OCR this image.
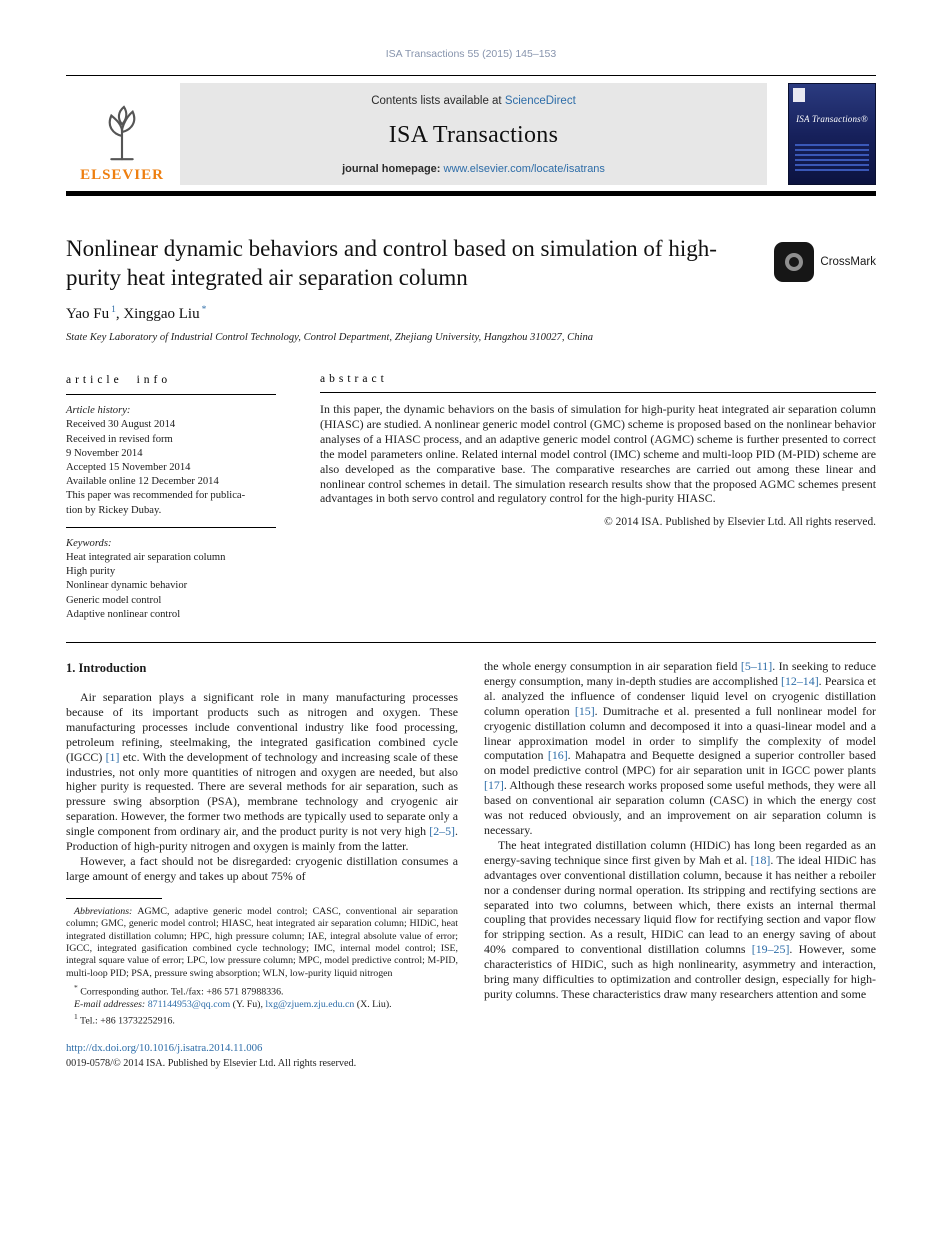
ISA Transactions 55 (2015) 145–153
ELSEVIER
Contents lists available at ScienceDirect
ISA Transactions
journal homepage: www.elsevier.com/locate/isatrans
ISA Transactions®
Nonlinear dynamic behaviors and control based on simulation of high-purity heat integrated air separation column
CrossMark
Yao Fu $^1$, Xinggao Liu *
State Key Laboratory of Industrial Control Technology, Control Department, Zhejiang University, Hangzhou 310027, China
article info
Article history:
Received 30 August 2014
Received in revised form
9 November 2014
Accepted 15 November 2014
Available online 12 December 2014
This paper was recommended for publica-
tion by Rickey Dubay.
Keywords:
Heat integrated air separation column
High purity
Nonlinear dynamic behavior
Generic model control
Adaptive nonlinear control
abstract

In this paper, the dynamic behaviors on the basis of simulation for high-purity heat integrated air separation column (HIASC) are studied. A nonlinear generic model control (GMC) scheme is proposed based on the nonlinear behavior analyses of a HIASC process, and an adaptive generic model control (AGMC) scheme is further presented to correct the model parameters online. Related internal model control (IMC) scheme and multi-loop PID (M-PID) scheme are also developed as the comparative base. The comparative researches are carried out among these linear and nonlinear control schemes in detail. The simulation research results show that the proposed AGMC schemes present advantages in both servo control and regulatory control for the high-purity HIASC.

© 2014 ISA. Published by Elsevier Ltd. All rights reserved.
1. Introduction

Air separation plays a significant role in many manufacturing processes because of its important products such as nitrogen and oxygen. These manufacturing processes include conventional industry like food processing, petroleum refining, steelmaking, the integrated gasification combined cycle (IGCC) [1] etc. With the development of technology and increasing scale of these industries, not only more quantities of nitrogen and oxygen are needed, but also higher purity is requested. There are several methods for air separation, such as pressure swing absorption (PSA), membrane technology and cryogenic air separation. However, the former two methods are typically used to separate only a single component from ordinary air, and the product purity is not very high [2–5]. Production of high-purity nitrogen and oxygen is mainly from the latter.

However, a fact should not be disregarded: cryogenic distillation consumes a large amount of energy and takes up about 75% of

Abbreviations: AGMC, adaptive generic model control; CASC, conventional air separation column; GMC, generic model control; HIASC, heat integrated air separation column; HIDiC, heat integrated distillation column; HPC, high pressure column; IAE, integral absolute value of error; IGCC, integrated gasification combined cycle technology; IMC, internal model control; ISE, integral square value of error; LPC, low pressure column; MPC, model predictive control; M-PID, multi-loop PID; PSA, pressure swing absorption; WLN, low-purity liquid nitrogen

* Corresponding author. Tel./fax: +86 571 87988336.

E-mail addresses: 871144953@qq.com (Y. Fu), lxg@zjuem.zju.edu.cn (X. Liu).

$^1$ Tel.: +86 13732252916.

the whole energy consumption in air separation field [5–11]. In seeking to reduce energy consumption, many in-depth studies are accomplished [12–14]. Pearsica et al. analyzed the influence of condenser liquid level on cryogenic distillation column operation [15]. Dumitrache et al. presented a full nonlinear model for cryogenic distillation column and decomposed it into a quasi-linear model and a linear approximation model in order to simplify the complexity of model computation [16]. Mahapatra and Bequette designed a superior controller based on model predictive control (MPC) for air separation unit in IGCC power plants [17]. Although these research works proposed some useful methods, they were all based on conventional air separation column (CASC) in which the energy cost was not reduced obviously, and an improvement on air separation column is necessary.

The heat integrated distillation column (HIDiC) has long been regarded as an energy-saving technique since first given by Mah et al. [18]. The ideal HIDiC has advantages over conventional distillation column, because it has neither a reboiler nor a condenser during normal operation. Its stripping and rectifying sections are separated into two columns, between which, there exists an internal thermal coupling that provides necessary liquid flow for rectifying section and vapor flow for stripping section. As a result, HIDiC can lead to an energy saving of about 40% compared to conventional distillation columns [19–25]. However, some characteristics of HIDiC, such as high nonlinearity, asymmetry and interaction, bring many difficulties to optimization and controller design, especially for high-purity columns. These characteristics draw many researchers attention and some

http://dx.doi.org/10.1016/j.isatra.2014.11.006
0019-0578/© 2014 ISA. Published by Elsevier Ltd. All rights reserved.
